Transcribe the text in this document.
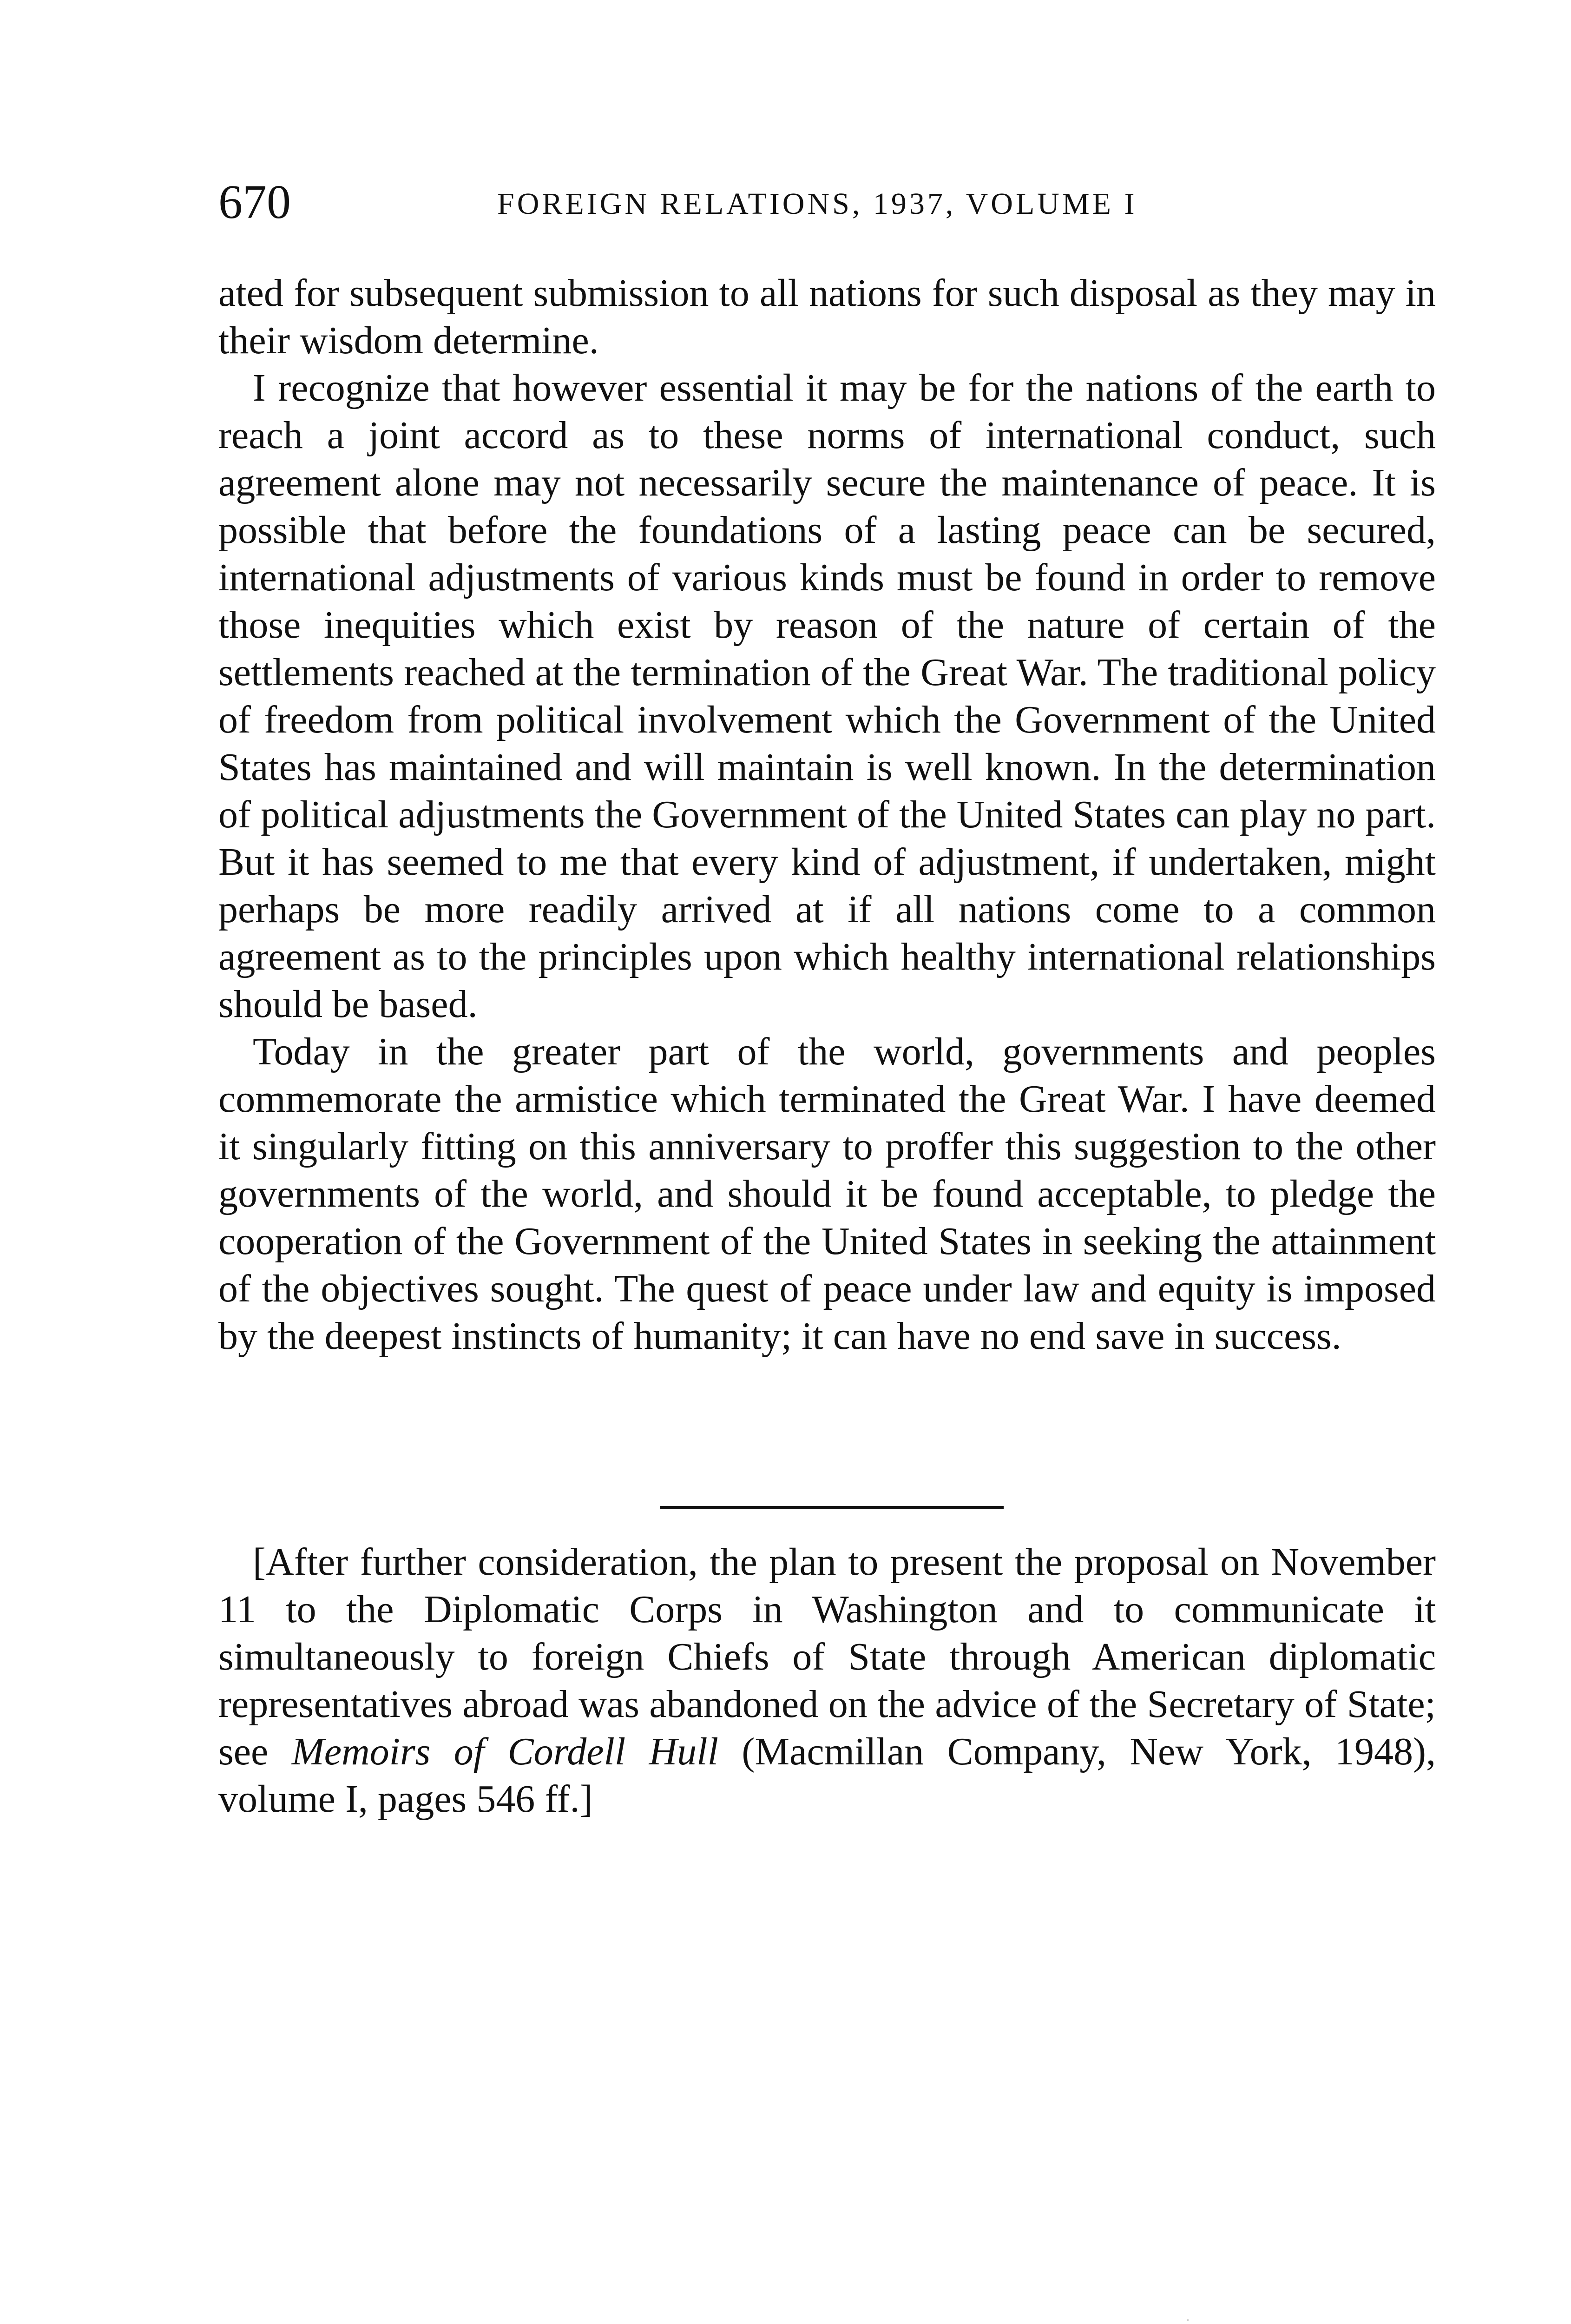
670	FOREIGN RELATIONS, 1937, VOLUME I

ated for subsequent submission to all nations for such disposal as they may in their wisdom determine.

I recognize that however essential it may be for the nations of the earth to reach a joint accord as to these norms of international conduct, such agreement alone may not necessarily secure the maintenance of peace. It is possible that before the foundations of a lasting peace can be secured, international adjustments of various kinds must be found in order to remove those inequities which exist by reason of the nature of certain of the settlements reached at the termination of the Great War. The traditional policy of freedom from political involvement which the Government of the United States has maintained and will maintain is well known. In the determination of political adjustments the Government of the United States can play no part. But it has seemed to me that every kind of adjustment, if undertaken, might perhaps be more readily arrived at if all nations come to a common agreement as to the principles upon which healthy international relationships should be based.

Today in the greater part of the world, governments and peoples commemorate the armistice which terminated the Great War. I have deemed it singularly fitting on this anniversary to proffer this suggestion to the other governments of the world, and should it be found acceptable, to pledge the cooperation of the Government of the United States in seeking the attainment of the objectives sought. The quest of peace under law and equity is imposed by the deepest instincts of humanity; it can have no end save in success.

[After further consideration, the plan to present the proposal on November 11 to the Diplomatic Corps in Washington and to communicate it simultaneously to foreign Chiefs of State through American diplomatic representatives abroad was abandoned on the advice of the Secretary of State; see Memoirs of Cordell Hull (Macmillan Company, New York, 1948), volume I, pages 546 ff.]
